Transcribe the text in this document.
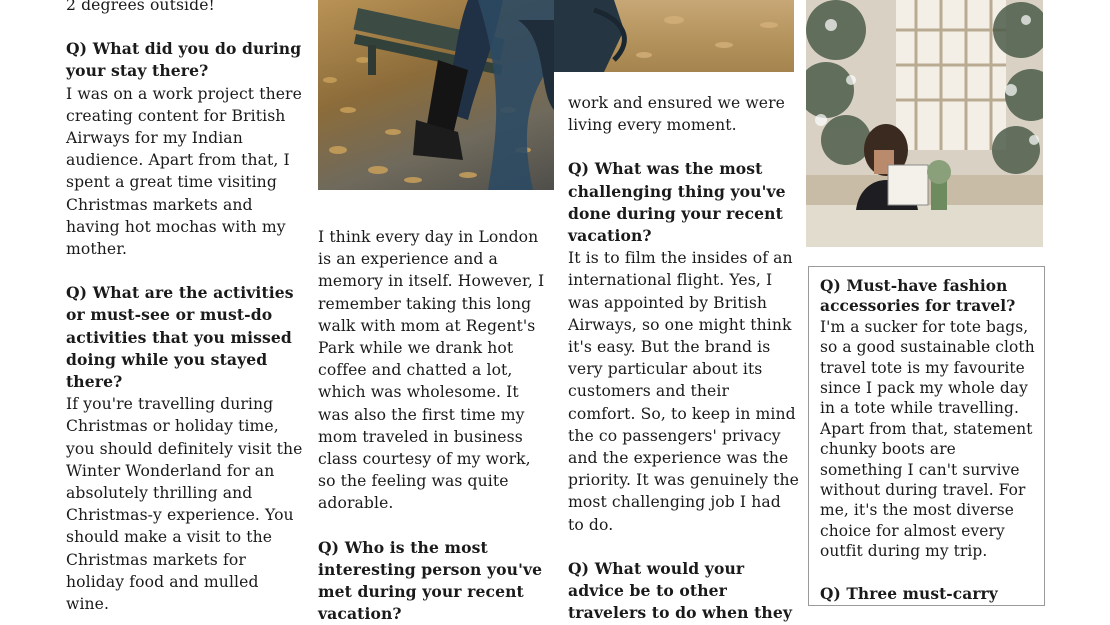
2 degrees outside!

Q) What did you do during your stay there?

I was on a work project there creating content for British Airways for my Indian audience. Apart from that, I spent a great time visiting Christmas markets and having hot mochas with my mother.

Q) What are the activities or must-see or must-do activities that you missed doing while you stayed there?

If you're travelling during Christmas or holiday time, you should definitely visit the Winter Wonderland for an absolutely thrilling and Christmas-y experience. You should make a visit to the Christmas markets for holiday food and mulled wine.

I think every day in London is an experience and a memory in itself. However, I remember taking this long walk with mom at Regent's Park while we drank hot coffee and chatted a lot, which was wholesome. It was also the first time my mom traveled in business class courtesy of my work, so the feeling was quite adorable.

Q) Who is the most interesting person you've met during your recent vacation?

work and ensured we were living every moment.

Q) What was the most challenging thing you've done during your recent vacation?

It is to film the insides of an international flight. Yes, I was appointed by British Airways, so one might think it's easy. But the brand is very particular about its customers and their comfort. So, to keep in mind the co passengers' privacy and the experience was the priority. It was genuinely the most challenging job I had to do.

Q) What would your advice be to other travelers to do when they

Q) Must-have fashion accessories for travel?

I'm a sucker for tote bags, so a good sustainable cloth travel tote is my favourite since I pack my whole day in a tote while travelling. Apart from that, statement chunky boots are something I can't survive without during travel. For me, it's the most diverse choice for almost every outfit during my trip.

Q) Three must-carry
